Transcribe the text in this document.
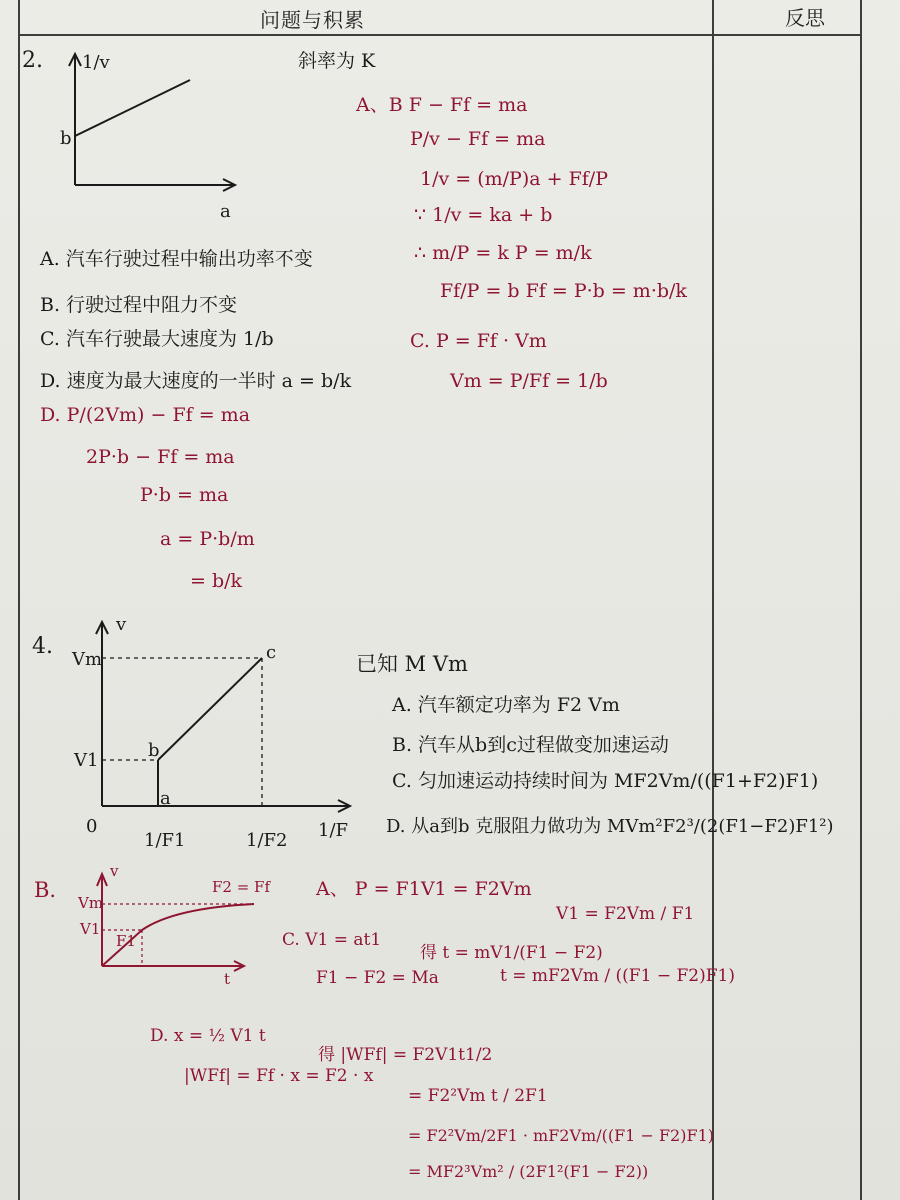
问题与积累	反思
2. 1/v
b
a
斜率为 K
A. 汽车行驶过程中输出功率不变
B. 行驶过程中阻力不变
C. 汽车行驶最大速度为 1/b
D. 速度为最大速度的一半时 a = b/k
A、B F − Ff = ma
P/v − Ff = ma
1/v = (m/P)a + Ff/P
∵ 1/v = ka + b
∴ m/P = k P = m/k
Ff/P = b Ff = P·b = m·b/k
C. P = Ff · Vm
Vm = P/Ff = 1/b
D. P/(2Vm) − Ff = ma
2P·b − Ff = ma
P·b = ma
a = P·b/m
= b/k
4.
v
Vm
V1
a
b
c
0
1/F1	1/F2 1/F
已知 M Vm
A. 汽车额定功率为 F2 Vm
B. 汽车从b到c过程做变加速运动
C. 匀加速运动持续时间为 MF2Vm/((F1+F2)F1)
D. 从a到b 克服阻力做功为 MVm²F2³/(2(F1−F2)F1²)
B.
v
Vm
V1
F1
F2 = Ff
t
A、 P = F1V1 = F2Vm
V1 = F2Vm / F1
C. V1 = at1
F1 − F2 = Ma
得 t = mV1/(F1 − F2)
t = mF2Vm / ((F1 − F2)F1)
D. x = ½ V1 t
|WFf| = Ff · x = F2 · x
得 |WFf| = F2V1t1/2
= F2²Vm t / 2F1
= F2²Vm/2F1 · mF2Vm/((F1 − F2)F1)
= MF2³Vm² / (2F1²(F1 − F2))
